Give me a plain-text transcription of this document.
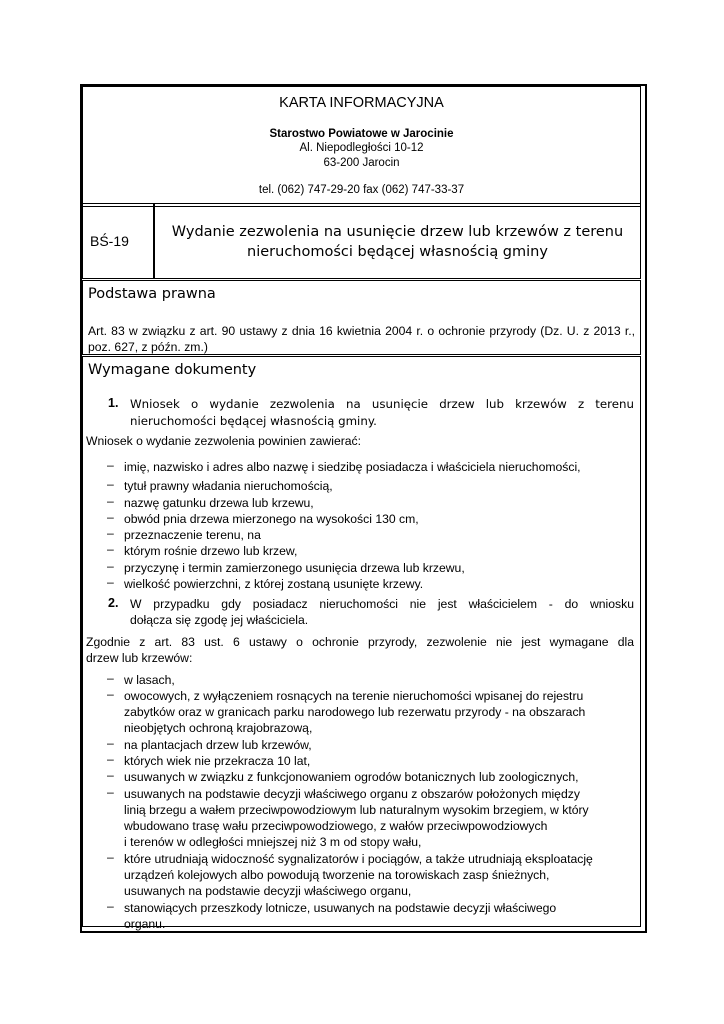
KARTA INFORMACYJNA
Starostwo Powiatowe w Jarocinie
Al. Niepodległości 10-12
63-200 Jarocin
tel. (062) 747-29-20 fax (062) 747-33-37
BŚ-19
Wydanie zezwolenia na usunięcie drzew lub krzewów z terenu
nieruchomości będącej własnością gminy
Podstawa prawna
Art. 83 w związku z art. 90 ustawy z dnia 16 kwietnia 2004 r. o ochronie przyrody (Dz. U. z 2013 r., poz. 627, z późn. zm.)
Wymagane dokumenty
1. Wniosek o wydanie zezwolenia na usunięcie drzew lub krzewów z terenu
nieruchomości będącej własnością gminy.
Wniosek o wydanie zezwolenia powinien zawierać:
– imię, nazwisko i adres albo nazwę i siedzibę posiadacza i właściciela nieruchomości,
– tytuł prawny władania nieruchomością,
– nazwę gatunku drzewa lub krzewu,
– obwód pnia drzewa mierzonego na wysokości 130 cm,
– przeznaczenie terenu, na
– którym rośnie drzewo lub krzew,
– przyczynę i termin zamierzonego usunięcia drzewa lub krzewu,
– wielkość powierzchni, z której zostaną usunięte krzewy.
2. W przypadku gdy posiadacz nieruchomości nie jest właścicielem - do wniosku
dołącza się zgodę jej właściciela.
Zgodnie z art. 83 ust. 6 ustawy o ochronie przyrody, zezwolenie nie jest wymagane dla
drzew lub krzewów:
– w lasach,
– owocowych, z wyłączeniem rosnących na terenie nieruchomości wpisanej do rejestru
zabytków oraz w granicach parku narodowego lub rezerwatu przyrody - na obszarach
nieobjętych ochroną krajobrazową,
– na plantacjach drzew lub krzewów,
– których wiek nie przekracza 10 lat,
– usuwanych w związku z funkcjonowaniem ogrodów botanicznych lub zoologicznych,
– usuwanych na podstawie decyzji właściwego organu z obszarów położonych między
linią brzegu a wałem przeciwpowodziowym lub naturalnym wysokim brzegiem, w który
wbudowano trasę wału przeciwpowodziowego, z wałów przeciwpowodziowych
i terenów w odległości mniejszej niż 3 m od stopy wału,
– które utrudniają widoczność sygnalizatorów i pociągów, a także utrudniają eksploatację
urządzeń kolejowych albo powodują tworzenie na torowiskach zasp śnieżnych,
usuwanych na podstawie decyzji właściwego organu,
– stanowiących przeszkody lotnicze, usuwanych na podstawie decyzji właściwego
organu.
